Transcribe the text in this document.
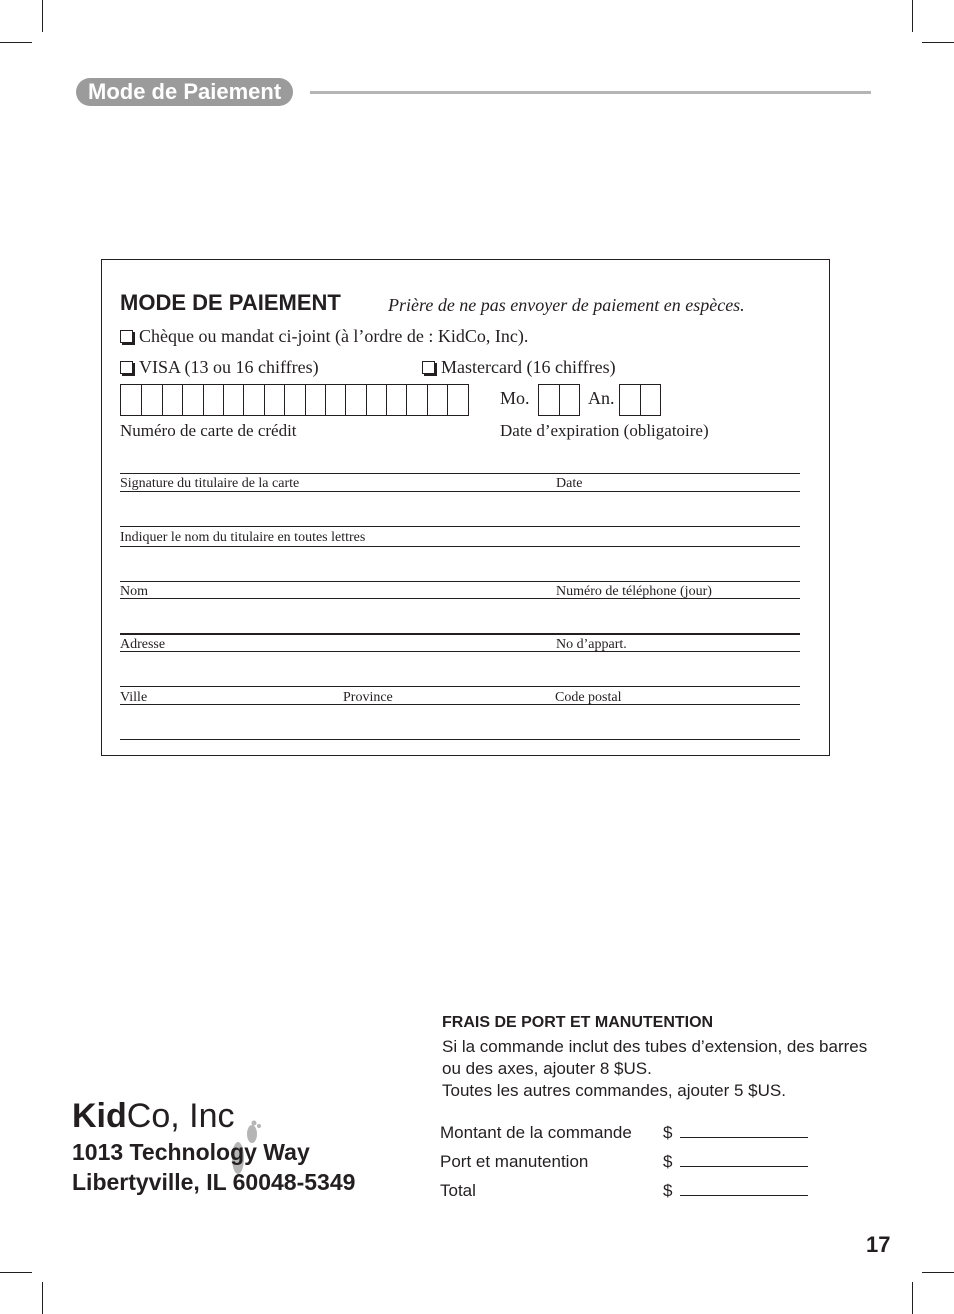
Mode de Paiement
MODE DE PAIEMENT	Prière de ne pas envoyer de paiement en espèces.
Chèque ou mandat ci-joint (à l’ordre de : KidCo, Inc).
VISA (13 ou 16 chiffres)	Mastercard (16 chiffres)
Mo.	An.
Numéro de carte de crédit	Date d’expiration (obligatoire)
Signature du titulaire de la carte	Date
Indiquer le nom du titulaire en toutes lettres
Nom	Numéro de téléphone (jour)
Adresse	No d’appart.
Ville	Province	Code postal
FRAIS DE PORT ET MANUTENTION
Si la commande inclut des tubes d’extension, des barres ou des axes, ajouter 8 $US.
Toutes les autres commandes, ajouter 5 $US.
Montant de la commande $
Port et manutention	$
Total	$
KidCo, Inc
1013 Technology Way
Libertyville, IL 60048-5349
17
